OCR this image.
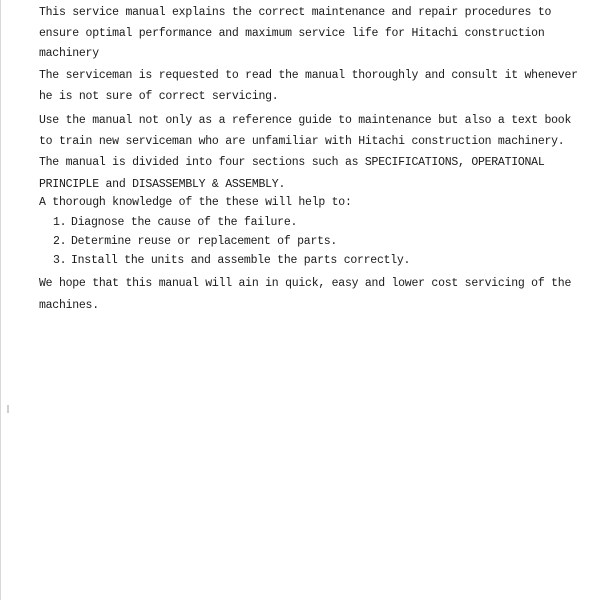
This service manual explains the correct maintenance and repair procedures to
ensure optimal performance and maximum service life for Hitachi construction
machinery

The serviceman is requested to read the manual thoroughly and consult it whenever
he is not sure of correct servicing.

Use the manual not only as a reference guide to maintenance but also a text book
to train new serviceman who are unfamiliar with Hitachi construction machinery.

The manual is divided into four sections such as SPECIFICATIONS, OPERATIONAL
PRINCIPLE and DISASSEMBLY & ASSEMBLY.
A thorough knowledge of the these will help to:

1. Diagnose the cause of the failure.
2. Determine reuse or replacement of parts.
3. Install the units and assemble the parts correctly.

We hope that this manual will ain in quick, easy and lower cost servicing of the
machines.
